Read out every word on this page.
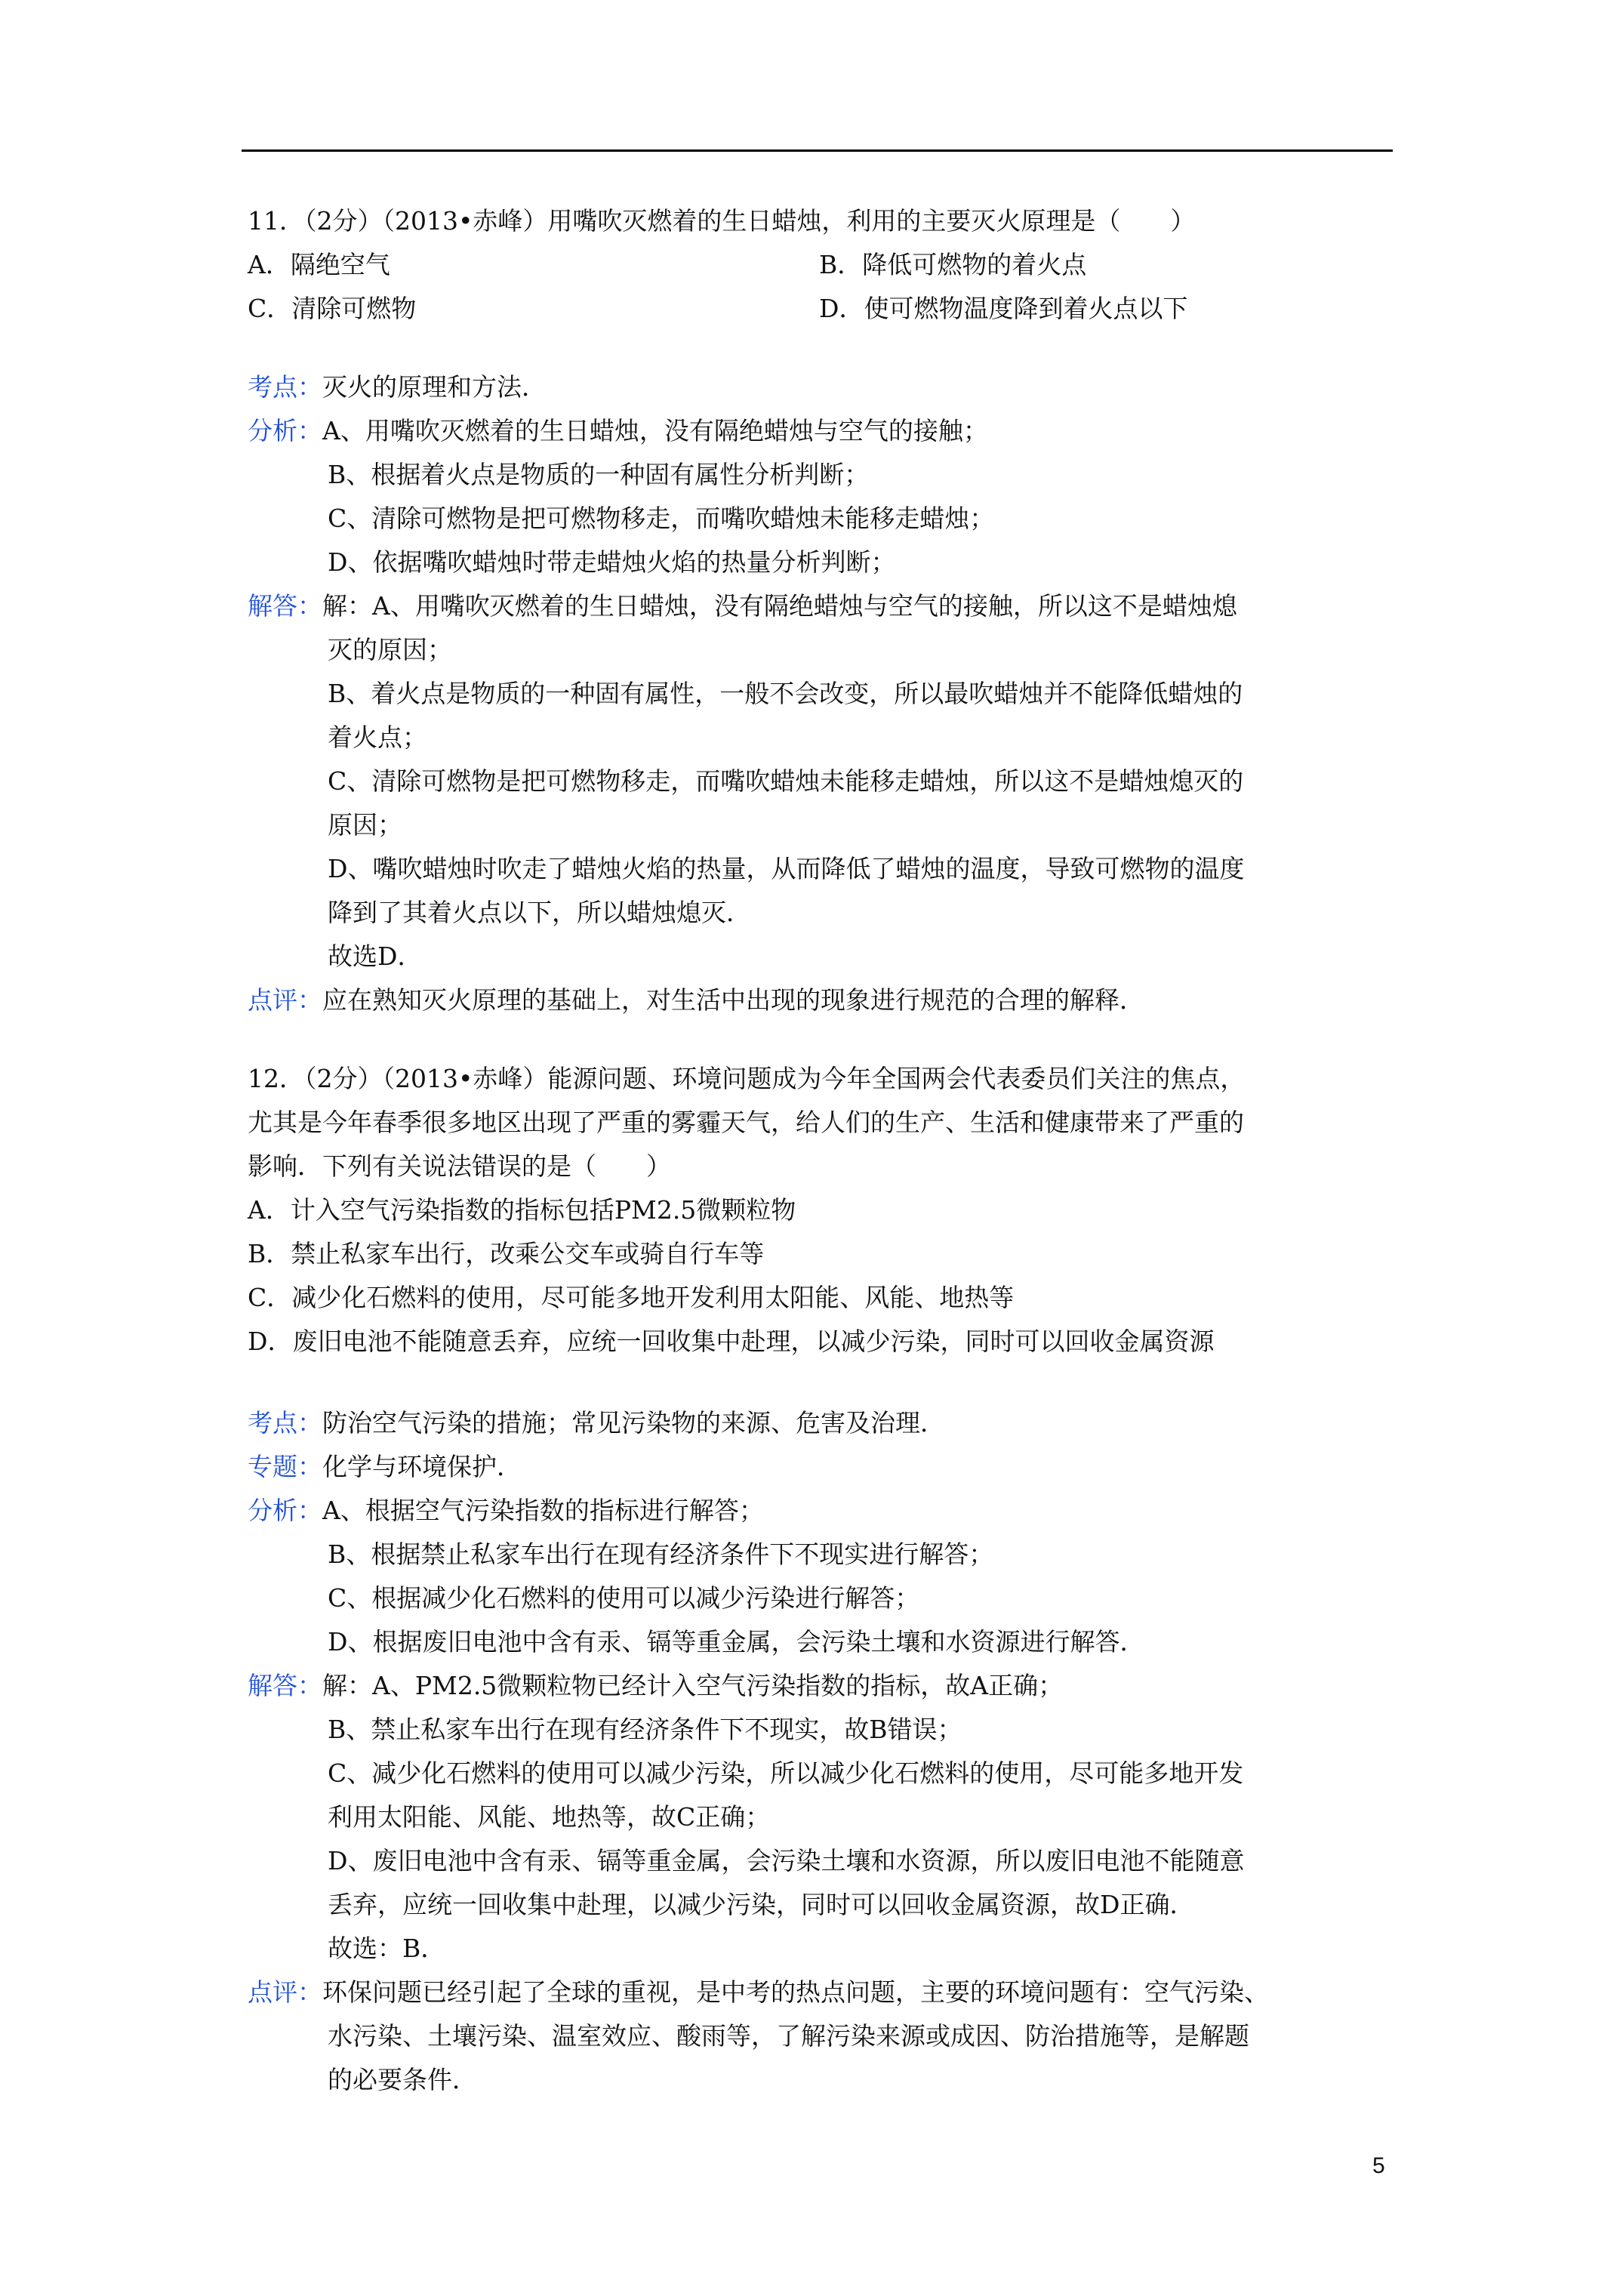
11．（2分）（2013•赤峰）用嘴吹灭燃着的生日蜡烛，利用的主要灭火原理是（　　）
A．隔绝空气	B．降低可燃物的着火点
C．清除可燃物	D．使可燃物温度降到着火点以下
考点：灭火的原理和方法．
分析：A、用嘴吹灭燃着的生日蜡烛，没有隔绝蜡烛与空气的接触；
B、根据着火点是物质的一种固有属性分析判断；
C、清除可燃物是把可燃物移走，而嘴吹蜡烛未能移走蜡烛；
D、依据嘴吹蜡烛时带走蜡烛火焰的热量分析判断；
解答：解：A、用嘴吹灭燃着的生日蜡烛，没有隔绝蜡烛与空气的接触，所以这不是蜡烛熄
灭的原因；
B、着火点是物质的一种固有属性，一般不会改变，所以最吹蜡烛并不能降低蜡烛的
着火点；
C、清除可燃物是把可燃物移走，而嘴吹蜡烛未能移走蜡烛，所以这不是蜡烛熄灭的
原因；
D、嘴吹蜡烛时吹走了蜡烛火焰的热量，从而降低了蜡烛的温度，导致可燃物的温度
降到了其着火点以下，所以蜡烛熄灭．
故选D．
点评：应在熟知灭火原理的基础上，对生活中出现的现象进行规范的合理的解释．
12．（2分）（2013•赤峰）能源问题、环境问题成为今年全国两会代表委员们关注的焦点，
尤其是今年春季很多地区出现了严重的雾霾天气，给人们的生产、生活和健康带来了严重的
影响．下列有关说法错误的是（　　）
A．计入空气污染指数的指标包括PM2.5微颗粒物
B．禁止私家车出行，改乘公交车或骑自行车等
C．减少化石燃料的使用，尽可能多地开发利用太阳能、风能、地热等
D．废旧电池不能随意丢弃，应统一回收集中赴理，以减少污染，同时可以回收金属资源
考点：防治空气污染的措施；常见污染物的来源、危害及治理．
专题：化学与环境保护．
分析：A、根据空气污染指数的指标进行解答；
B、根据禁止私家车出行在现有经济条件下不现实进行解答；
C、根据减少化石燃料的使用可以减少污染进行解答；
D、根据废旧电池中含有汞、镉等重金属，会污染土壤和水资源进行解答．
解答：解：A、PM2.5微颗粒物已经计入空气污染指数的指标，故A正确；
B、禁止私家车出行在现有经济条件下不现实，故B错误；
C、减少化石燃料的使用可以减少污染，所以减少化石燃料的使用，尽可能多地开发
利用太阳能、风能、地热等，故C正确；
D、废旧电池中含有汞、镉等重金属，会污染土壤和水资源，所以废旧电池不能随意
丢弃，应统一回收集中赴理，以减少污染，同时可以回收金属资源，故D正确．
故选：B．
点评：环保问题已经引起了全球的重视，是中考的热点问题，主要的环境问题有：空气污染、
水污染、土壤污染、温室效应、酸雨等，了解污染来源或成因、防治措施等，是解题
的必要条件．
5
